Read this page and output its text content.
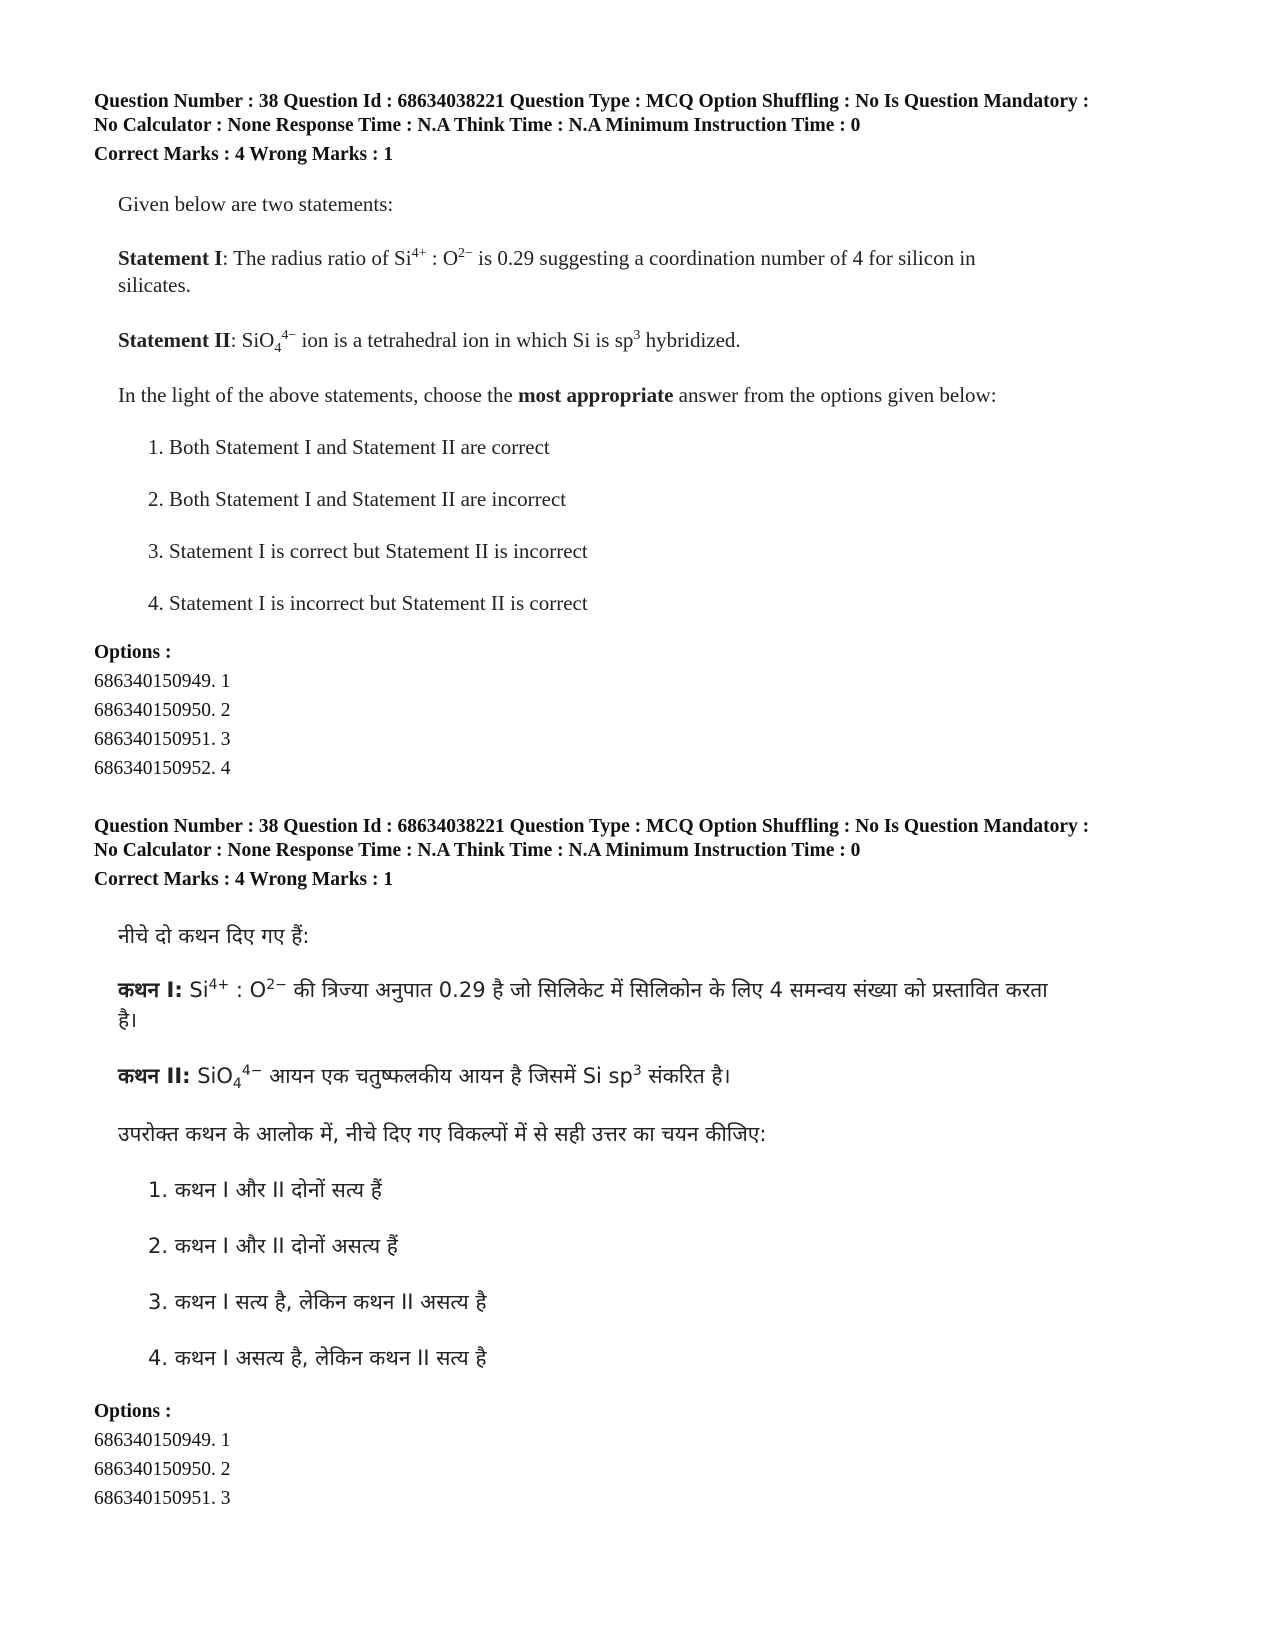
Question Number : 38 Question Id : 68634038221 Question Type : MCQ Option Shuffling : No Is Question Mandatory :

No Calculator : None Response Time : N.A Think Time : N.A Minimum Instruction Time : 0

Correct Marks : 4 Wrong Marks : 1

Given below are two statements:

Statement I: The radius ratio of $Si^{4+}$ : $O^{2-}$ is 0.29 suggesting a coordination number of 4 for silicon in

silicates.

Statement II: SiO$_4^{4-}$ ion is a tetrahedral ion in which Si is $sp^3$ hybridized.

In the light of the above statements, choose the most appropriate answer from the options given below:

1. Both Statement I and Statement II are correct

2. Both Statement I and Statement II are incorrect

3. Statement I is correct but Statement II is incorrect

4. Statement I is incorrect but Statement II is correct

Options :

686340150949. 1

686340150950. 2

686340150951. 3

686340150952. 4

Question Number : 38 Question Id : 68634038221 Question Type : MCQ Option Shuffling : No Is Question Mandatory :

No Calculator : None Response Time : N.A Think Time : N.A Minimum Instruction Time : 0

Correct Marks : 4 Wrong Marks : 1

नीचे दो कथन दिए गए हैं:

कथन I: $Si^{4+}$ : $O^{2-}$ की त्रिज्या अनुपात 0.29 है जो सिलिकेट में सिलिकोन के लिए 4 समन्वय संख्या को प्रस्तावित करता

है।

कथन II: SiO$_4^{4-}$ आयन एक चतुष्फलकीय आयन है जिसमें Si $sp^3$ संकरित है।

उपरोक्त कथन के आलोक में, नीचे दिए गए विकल्पों में से सही उत्तर का चयन कीजिए:

1. कथन I और II दोनों सत्य हैं

2. कथन I और II दोनों असत्य हैं

3. कथन I सत्य है, लेकिन कथन II असत्य है

4. कथन I असत्य है, लेकिन कथन II सत्य है

Options :

686340150949. 1

686340150950. 2

686340150951. 3
